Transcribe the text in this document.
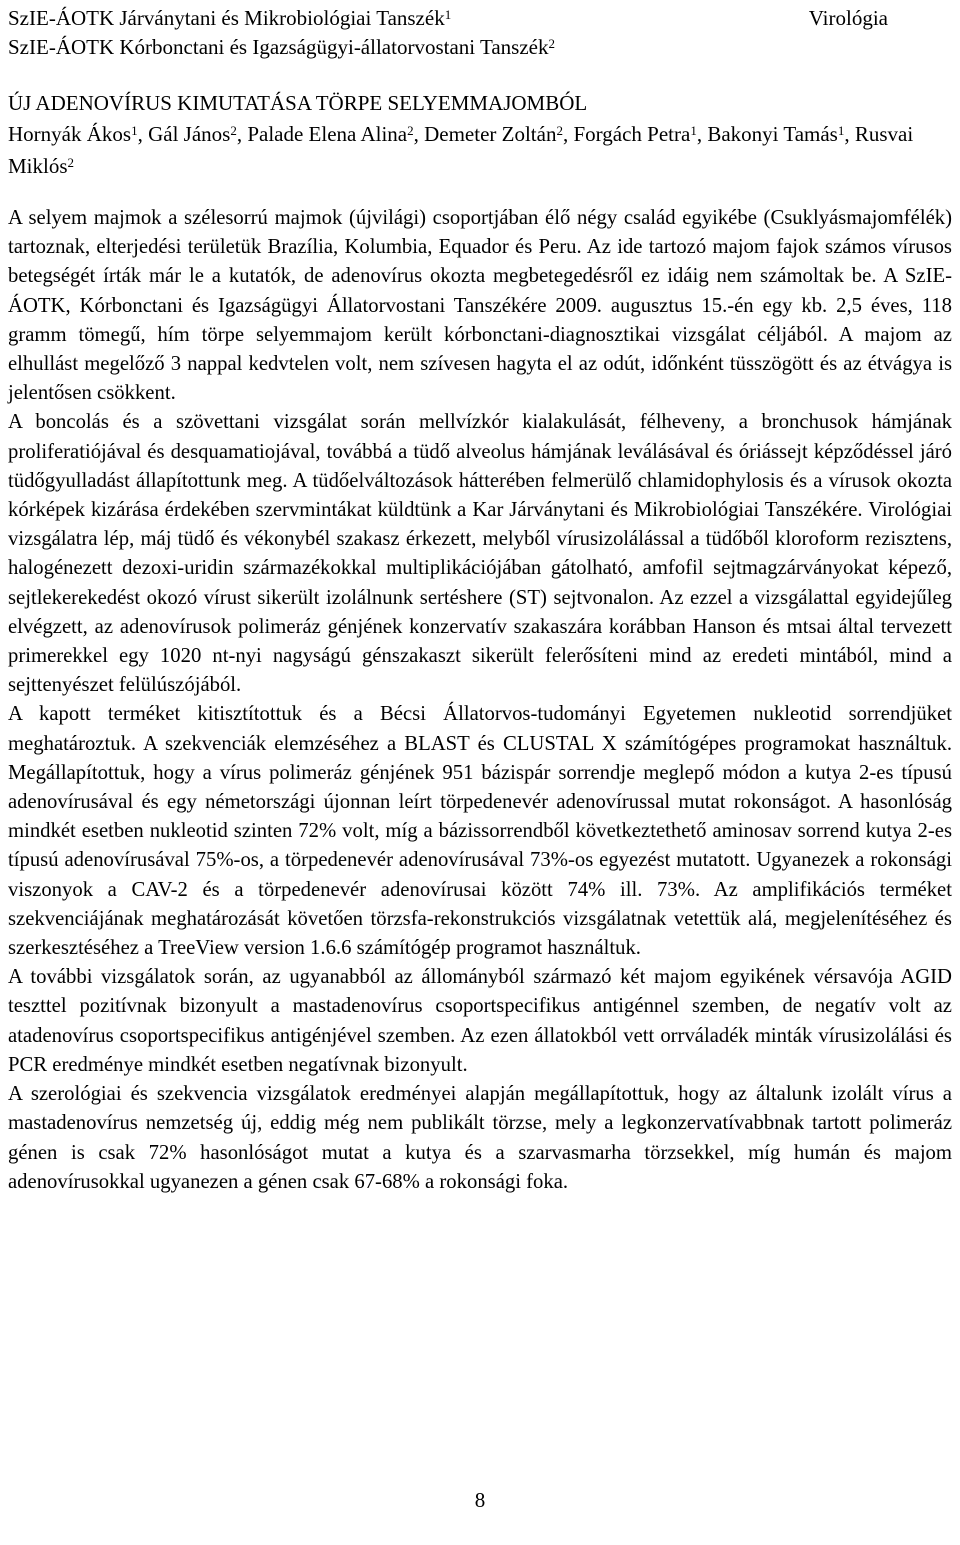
SzIE-ÁOTK Járványtani és Mikrobiológiai Tanszék$^1$
SzIE-ÁOTK Kórbonctani és Igazságügyi-állatorvostani Tanszék$^2$
Virológia
ÚJ ADENOVÍRUS KIMUTATÁSA TÖRPE SELYEMMAJOMBÓL
Hornyák Ákos$^1$, Gál János$^2$, Palade Elena Alina$^2$, Demeter Zoltán$^2$, Forgách Petra$^1$, Bakonyi Tamás$^1$, Rusvai Miklós$^2$

A selyem majmok a szélesorrú majmok (újvilági) csoportjában élő négy család egyikébe (Csuklyásmajomfélék) tartoznak, elterjedési területük Brazília, Kolumbia, Equador és Peru. Az ide tartozó majom fajok számos vírusos betegségét írták már le a kutatók, de adenovírus okozta megbetegedésről ez idáig nem számoltak be. A SzIE-ÁOTK, Kórbonctani és Igazságügyi Állatorvostani Tanszékére 2009. augusztus 15.-én egy kb. 2,5 éves, 118 gramm tömegű, hím törpe selyemmajom került kórbonctani-diagnosztikai vizsgálat céljából. A majom az elhullást megelőző 3 nappal kedvtelen volt, nem szívesen hagyta el az odút, időnként tüsszögött és az étvágya is jelentősen csökkent.

A boncolás és a szövettani vizsgálat során mellvízkór kialakulását, félheveny, a bronchusok hámjának proliferatiójával és desquamatiojával, továbbá a tüdő alveolus hámjának leválásával és óriássejt képződéssel járó tüdőgyulladást állapítottunk meg. A tüdőelváltozások hátterében felmerülő chlamidophylosis és a vírusok okozta kórképek kizárása érdekében szervmintákat küldtünk a Kar Járványtani és Mikrobiológiai Tanszékére. Virológiai vizsgálatra lép, máj tüdő és vékonybél szakasz érkezett, melyből vírusizolálással a tüdőből kloroform rezisztens, halogénezett dezoxi-uridin származékokkal multiplikációjában gátolható, amfofil sejtmagzárványokat képező, sejtlekerekedést okozó vírust sikerült izolálnunk sertéshere (ST) sejtvonalon. Az ezzel a vizsgálattal egyidejűleg elvégzett, az adenovírusok polimeráz génjének konzervatív szakaszára korábban Hanson és mtsai által tervezett primerekkel egy 1020 nt-nyi nagyságú génszakaszt sikerült felerősíteni mind az eredeti mintából, mind a sejttenyészet felülúszójából.

A kapott terméket kitisztítottuk és a Bécsi Állatorvos-tudományi Egyetemen nukleotid sorrendjüket meghatároztuk. A szekvenciák elemzéséhez a BLAST és CLUSTAL X számítógépes programokat használtuk. Megállapítottuk, hogy a vírus polimeráz génjének 951 bázispár sorrendje meglepő módon a kutya 2-es típusú adenovírusával és egy németországi újonnan leírt törpedenevér adenovírussal mutat rokonságot. A hasonlóság mindkét esetben nukleotid szinten 72% volt, míg a bázissorrendből következtethető aminosav sorrend kutya 2-es típusú adenovírusával 75%-os, a törpedenevér adenovírusával 73%-os egyezést mutatott. Ugyanezek a rokonsági viszonyok a CAV-2 és a törpedenevér adenovírusai között 74% ill. 73%. Az amplifikációs terméket szekvenciájának meghatározását követően törzsfa-rekonstrukciós vizsgálatnak vetettük alá, megjelenítéséhez és szerkesztéséhez a TreeView version 1.6.6 számítógép programot használtuk.

A további vizsgálatok során, az ugyanabból az állományból származó két majom egyikének vérsavója AGID teszttel pozitívnak bizonyult a mastadenovírus csoportspecifikus antigénnel szemben, de negatív volt az atadenovírus csoportspecifikus antigénjével szemben. Az ezen állatokból vett orrváladék minták vírusizolálási és PCR eredménye mindkét esetben negatívnak bizonyult.

A szerológiai és szekvencia vizsgálatok eredményei alapján megállapítottuk, hogy az általunk izolált vírus a mastadenovírus nemzetség új, eddig még nem publikált törzse, mely a legkonzervatívabbnak tartott polimeráz génen is csak 72% hasonlóságot mutat a kutya és a szarvasmarha törzsekkel, míg humán és majom adenovírusokkal ugyanezen a génen csak 67-68% a rokonsági foka.

8
